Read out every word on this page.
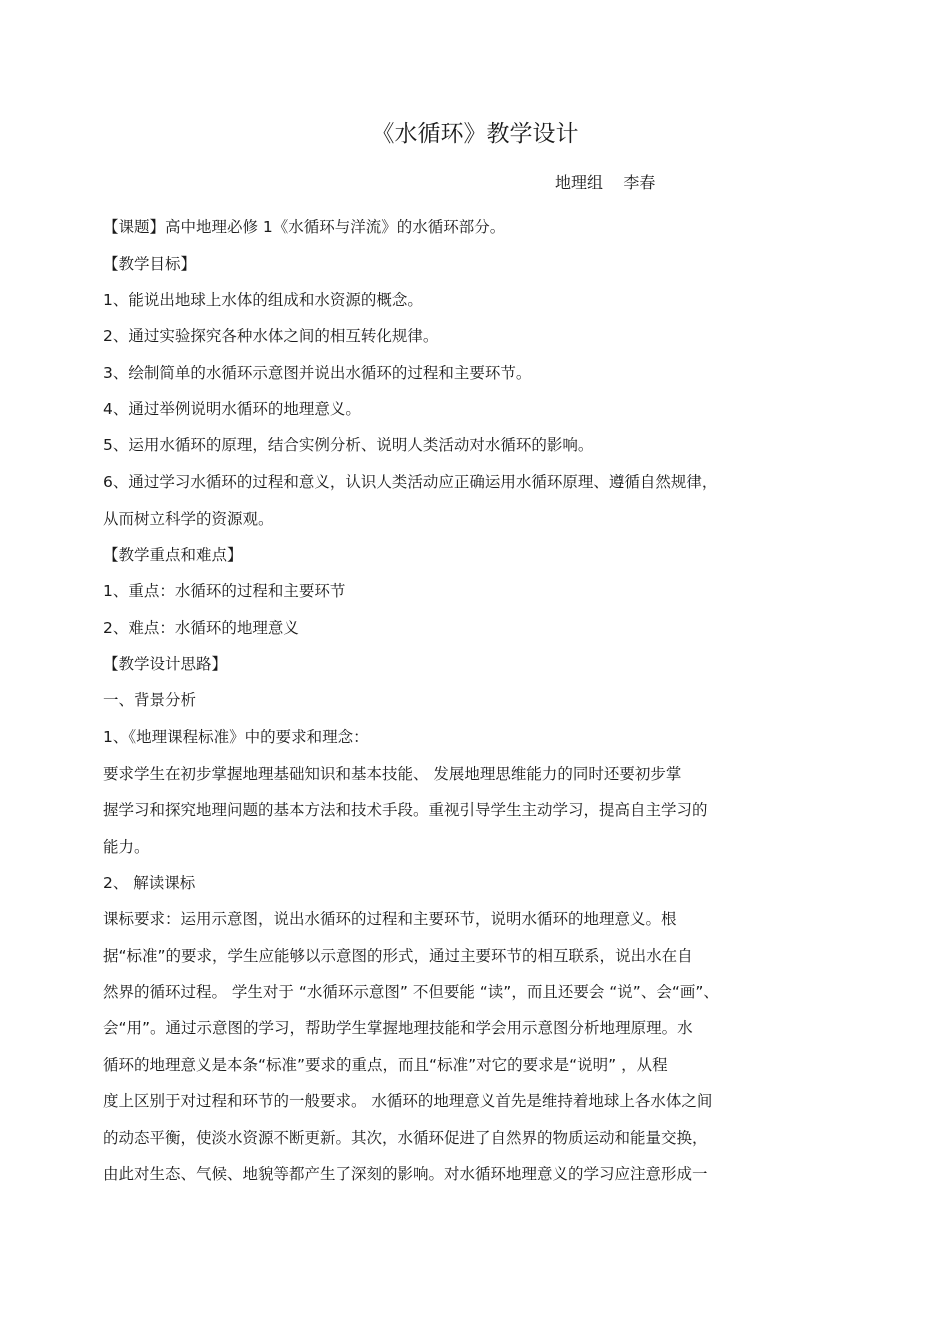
《水循环》教学设计
地理组    李春
【课题】高中地理必修 1《水循环与洋流》的水循环部分。
【教学目标】
1、能说出地球上水体的组成和水资源的概念。
2、通过实验探究各种水体之间的相互转化规律。
3、绘制简单的水循环示意图并说出水循环的过程和主要环节。
4、通过举例说明水循环的地理意义。
5、运用水循环的原理，结合实例分析、说明人类活动对水循环的影响。
6、通过学习水循环的过程和意义，认识人类活动应正确运用水循环原理、遵循自然规律，
从而树立科学的资源观。
【教学重点和难点】
1、重点：水循环的过程和主要环节
2、难点：水循环的地理意义
【教学设计思路】
一、背景分析
1、《地理课程标准》中的要求和理念：
要求学生在初步掌握地理基础知识和基本技能、 发展地理思维能力的同时还要初步掌
握学习和探究地理问题的基本方法和技术手段。重视引导学生主动学习，提高自主学习的
能力。
2、 解读课标
课标要求：运用示意图，说出水循环的过程和主要环节，说明水循环的地理意义。根
据“标准”的要求，学生应能够以示意图的形式，通过主要环节的相互联系，说出水在自
然界的循环过程。 学生对于 “水循环示意图” 不但要能 “读”，而且还要会 “说”、会“画”、
会“用”。通过示意图的学习，帮助学生掌握地理技能和学会用示意图分析地理原理。水
循环的地理意义是本条“标准”要求的重点，而且“标准”对它的要求是“说明” ，从程
度上区别于对过程和环节的一般要求。 水循环的地理意义首先是维持着地球上各水体之间
的动态平衡，使淡水资源不断更新。其次，水循环促进了自然界的物质运动和能量交换，
由此对生态、气候、地貌等都产生了深刻的影响。对水循环地理意义的学习应注意形成一
